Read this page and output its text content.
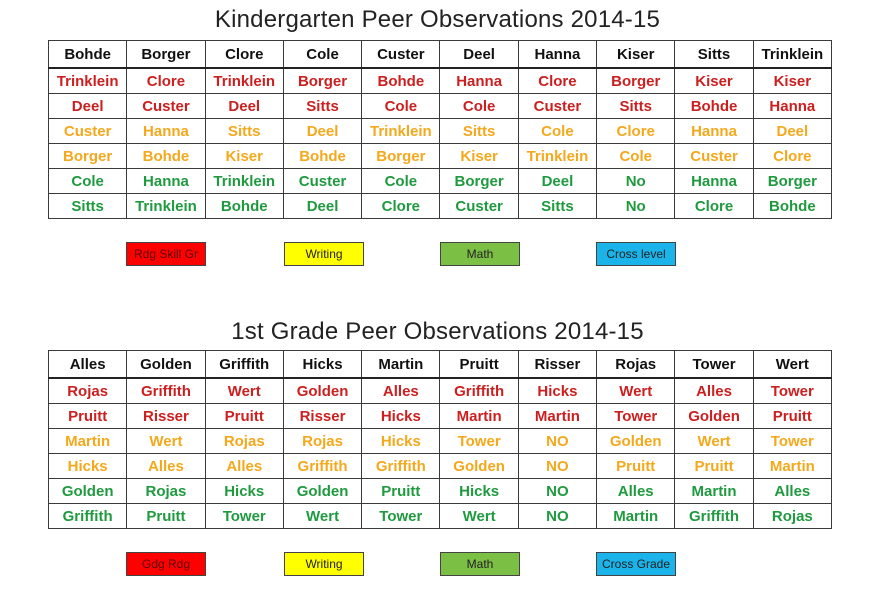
Kindergarten Peer Observations 2014-15
Bohde	Borger	Clore	Cole	Custer	Deel	Hanna	Kiser	Sitts	Trinklein
Trinklein	Clore	Trinklein	Borger	Bohde	Hanna	Clore	Borger	Kiser	Kiser
Deel	Custer	Deel	Sitts	Cole	Cole	Custer	Sitts	Bohde	Hanna
Custer	Hanna	Sitts	Deel	Trinklein	Sitts	Cole	Clore	Hanna	Deel
Borger	Bohde	Kiser	Bohde	Borger	Kiser	Trinklein	Cole	Custer	Clore
Cole	Hanna	Trinklein	Custer	Cole	Borger	Deel	No	Hanna	Borger
Sitts	Trinklein	Bohde	Deel	Clore	Custer	Sitts	No	Clore	Bohde
Rdg Skill Gr	Writing	Math	Cross level
1st Grade Peer Observations 2014-15
Alles	Golden	Griffith	Hicks	Martin	Pruitt	Risser	Rojas	Tower	Wert
Rojas	Griffith	Wert	Golden	Alles	Griffith	Hicks	Wert	Alles	Tower
Pruitt	Risser	Pruitt	Risser	Hicks	Martin	Martin	Tower	Golden	Pruitt
Martin	Wert	Rojas	Rojas	Hicks	Tower	NO	Golden	Wert	Tower
Hicks	Alles	Alles	Griffith	Griffith	Golden	NO	Pruitt	Pruitt	Martin
Golden	Rojas	Hicks	Golden	Pruitt	Hicks	NO	Alles	Martin	Alles
Griffith	Pruitt	Tower	Wert	Tower	Wert	NO	Martin	Griffith	Rojas
Gdg Rdg	Writing	Math	Cross Grade
